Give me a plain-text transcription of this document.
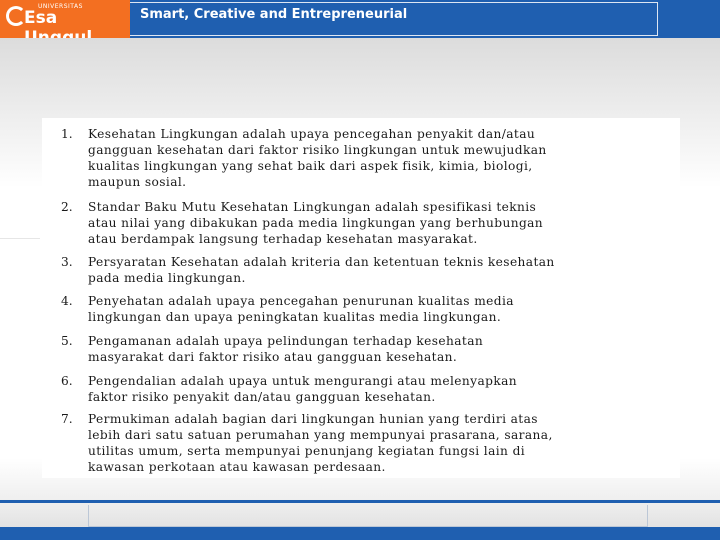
UNIVERSITAS
Esa	Smart, Creative and Entrepreneurial
1.	Kesehatan Lingkungan adalah upaya pencegahan penyakit dan/atau
gangguan kesehatan dari faktor risiko lingkungan untuk mewujudkan
kualitas lingkungan yang sehat baik dari aspek fisik, kimia, biologi,
maupun sosial.
2.	Standar Baku Mutu Kesehatan Lingkungan adalah spesifikasi teknis
atau nilai yang dibakukan pada media lingkungan yang berhubungan
atau berdampak langsung terhadap kesehatan masyarakat.
3.	Persyaratan Kesehatan adalah kriteria dan ketentuan teknis kesehatan
pada media lingkungan.
4.	Penyehatan adalah upaya pencegahan penurunan kualitas media
lingkungan dan upaya peningkatan kualitas media lingkungan.
5.	Pengamanan adalah upaya pelindungan terhadap kesehatan
masyarakat dari faktor risiko atau gangguan kesehatan.
6.	Pengendalian adalah upaya untuk mengurangi atau melenyapkan
faktor risiko penyakit dan/atau gangguan kesehatan.
7.	Permukiman adalah bagian dari lingkungan hunian yang terdiri atas
lebih dari satu satuan perumahan yang mempunyai prasarana, sarana,
utilitas umum, serta mempunyai penunjang kegiatan fungsi lain di
kawasan perkotaan atau kawasan perdesaan.
